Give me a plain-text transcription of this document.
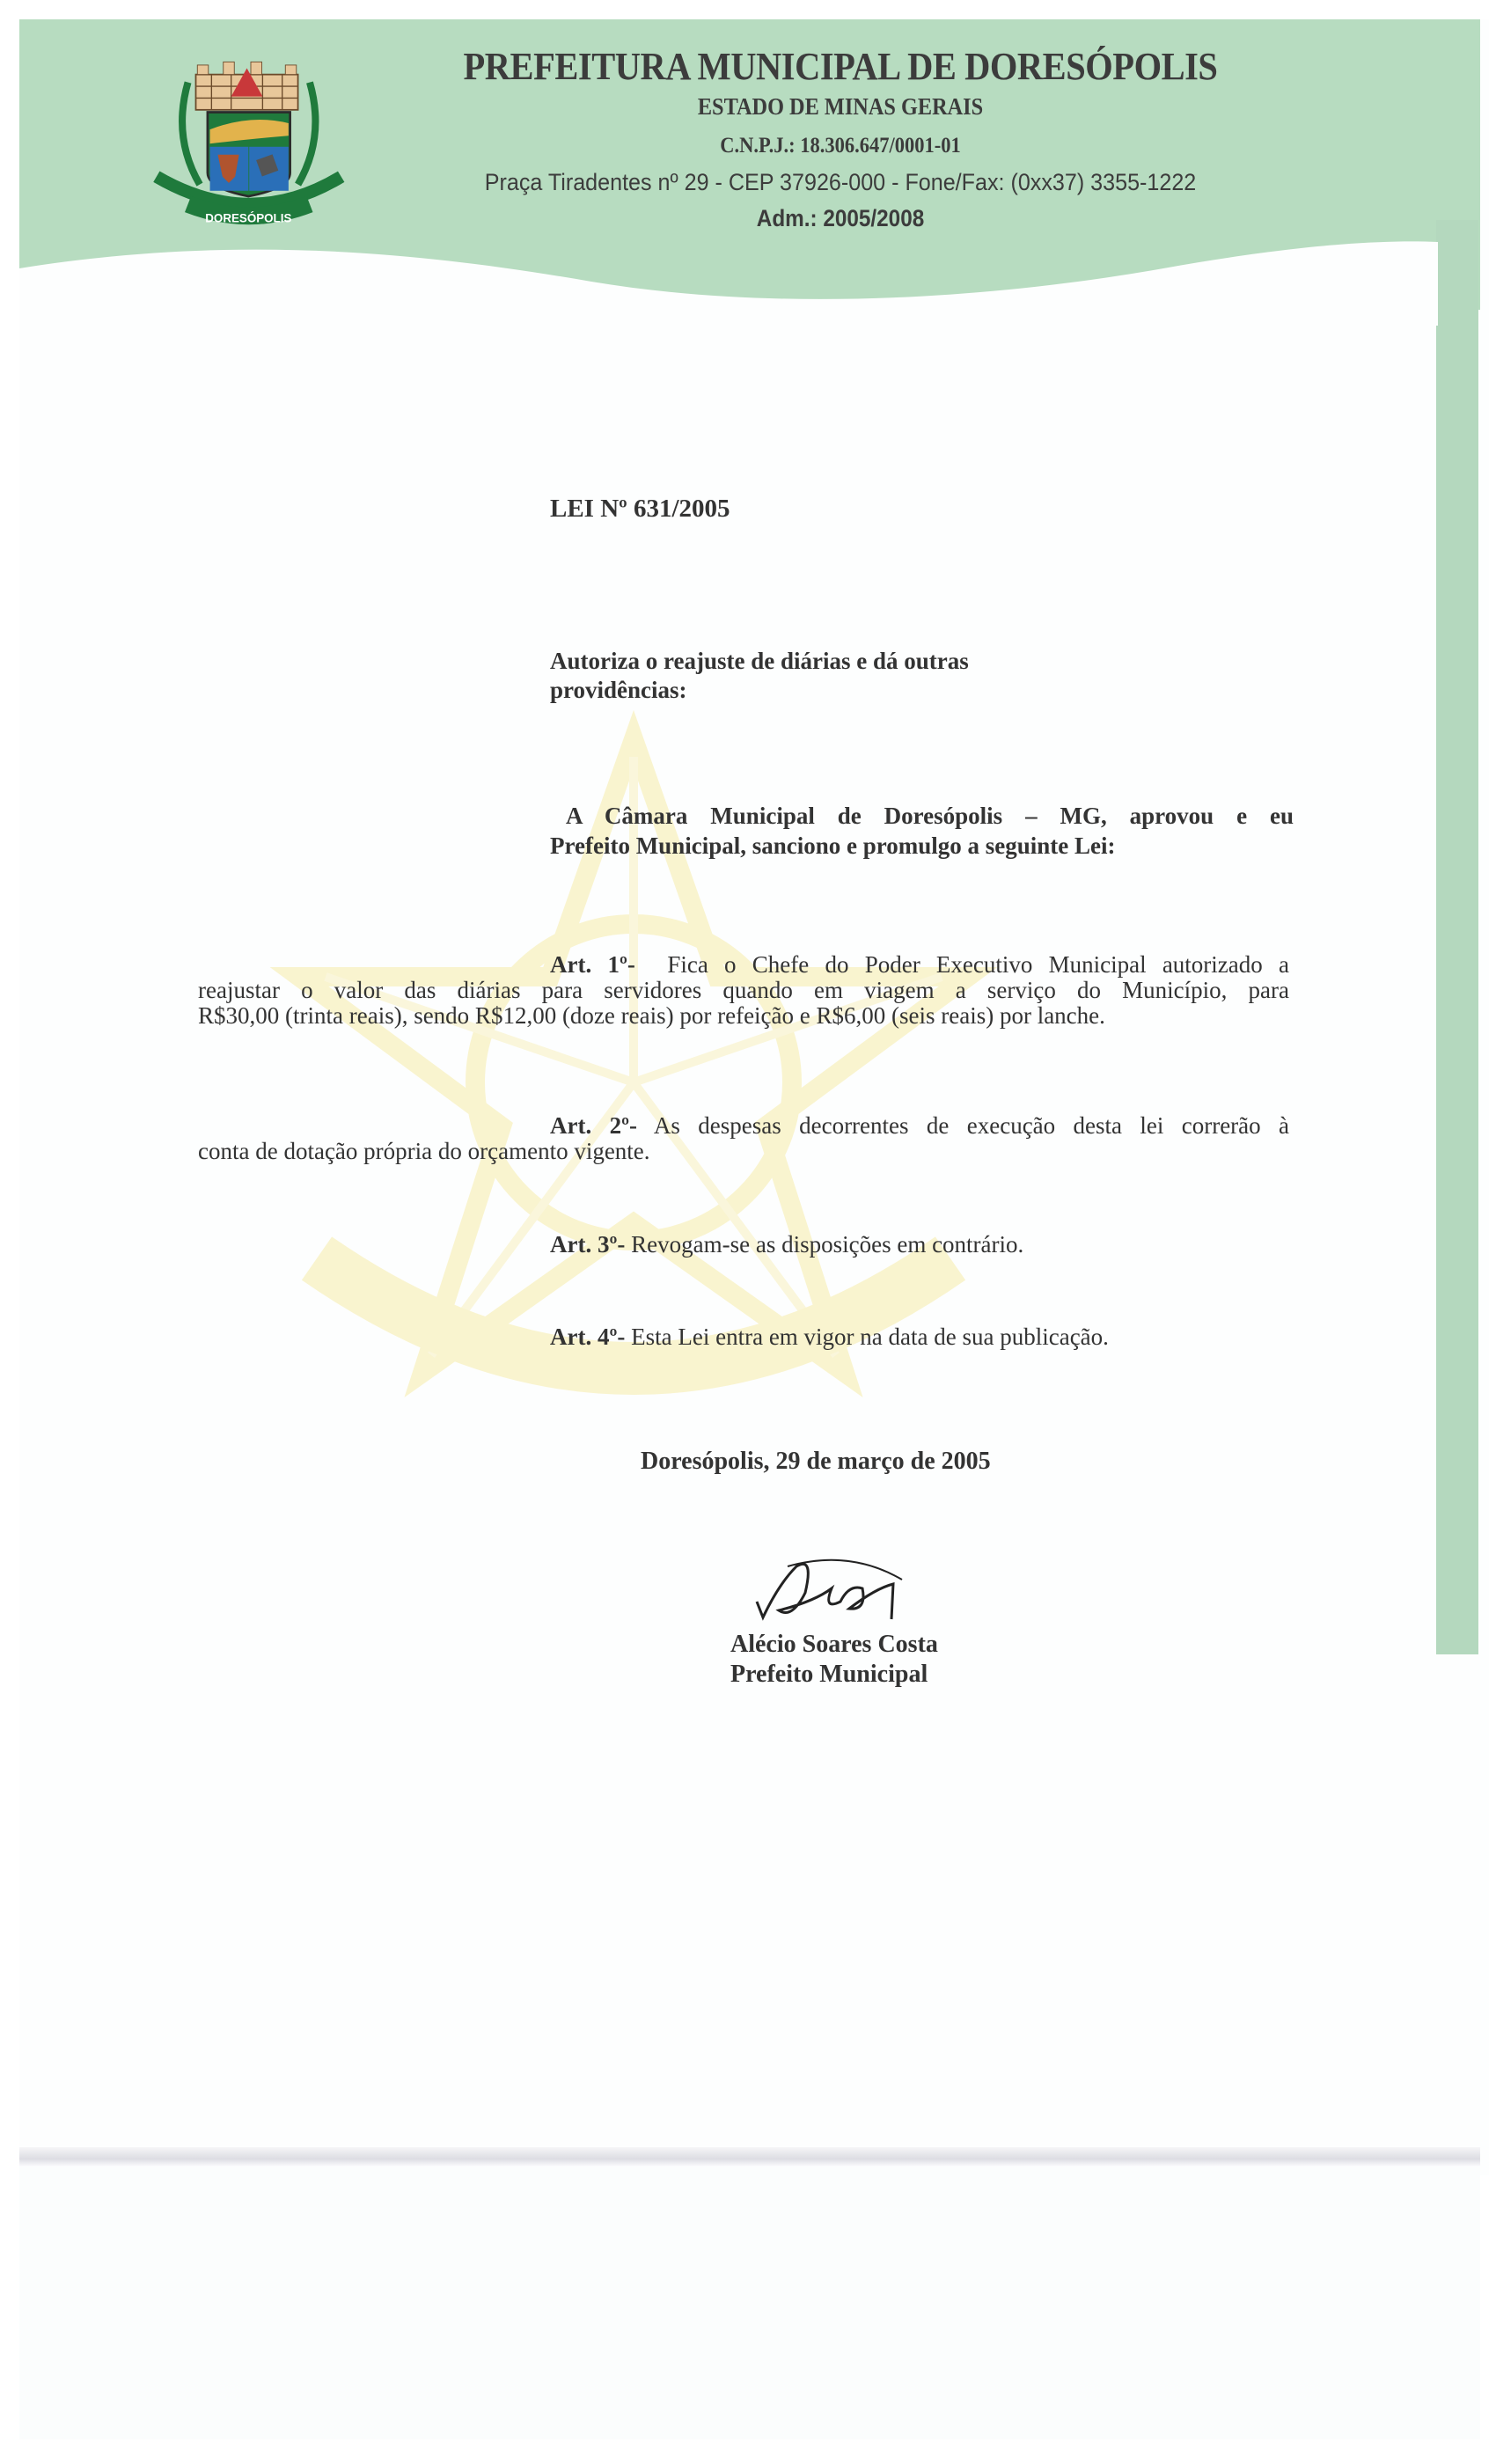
DORESÓPOLIS
PREFEITURA MUNICIPAL DE DORESÓPOLIS
ESTADO DE MINAS GERAIS
C.N.P.J.: 18.306.647/0001-01
Praça Tiradentes nº 29 - CEP 37926-000 - Fone/Fax: (0xx37) 3355-1222
Adm.: 2005/2008
LEI Nº 631/2005
Autoriza o reajuste de diárias e dá outras providências:
A Câmara Municipal de Doresópolis – MG, aprovou e eu
Prefeito Municipal, sanciono e promulgo a seguinte Lei:
Art. 1º- Fica o Chefe do Poder Executivo Municipal autorizado a
reajustar o valor das diárias para servidores quando em viagem a serviço do Município, para
R$30,00 (trinta reais), sendo R$12,00 (doze reais) por refeição e R$6,00 (seis reais) por lanche.
Art. 2º- As despesas decorrentes de execução desta lei correrão à
conta de dotação própria do orçamento vigente.
Art. 3º- Revogam-se as disposições em contrário.
Art. 4º- Esta Lei entra em vigor na data de sua publicação.
Doresópolis, 29 de março de 2005
Alécio Soares Costa
Prefeito Municipal
